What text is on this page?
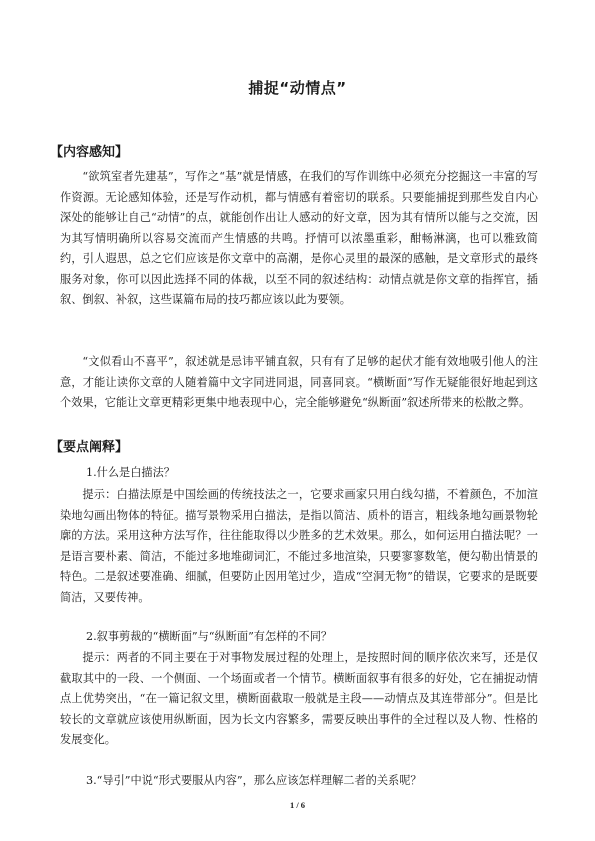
捕捉“动情点”
【内容感知】

“欲筑室者先建基”，写作之“基”就是情感，在我们的写作训练中必须充分挖掘这一丰富的写作资源。无论感知体验，还是写作动机，都与情感有着密切的联系。只要能捕捉到那些发自内心深处的能够让自己“动情”的点，就能创作出让人感动的好文章，因为其有情所以能与之交流，因为其写情明确所以容易交流而产生情感的共鸣。抒情可以浓墨重彩，酣畅淋漓，也可以雅致简约，引人遐思，总之它们应该是你文章中的高潮，是你心灵里的最深的感触，是文章形式的最终服务对象，你可以因此选择不同的体裁，以至不同的叙述结构：动情点就是你文章的指挥官，插叙、倒叙、补叙，这些谋篇布局的技巧都应该以此为要领。

“文似看山不喜平”，叙述就是忌讳平铺直叙，只有有了足够的起伏才能有效地吸引他人的注意，才能让读你文章的人随着篇中文字同进同退，同喜同哀。“横断面”写作无疑能很好地起到这个效果，它能让文章更精彩更集中地表现中心，完全能够避免“纵断面”叙述所带来的松散之弊。

【要点阐释】

1.什么是白描法？

提示：白描法原是中国绘画的传统技法之一，它要求画家只用白线勾描，不着颜色，不加渲染地勾画出物体的特征。描写景物采用白描法，是指以简洁、质朴的语言，粗线条地勾画景物轮廓的方法。采用这种方法写作，往往能取得以少胜多的艺术效果。那么，如何运用白描法呢？一是语言要朴素、简洁，不能过多地堆砌词汇，不能过多地渲染，只要寥寥数笔，便勾勒出情景的特色。二是叙述要准确、细腻，但要防止因用笔过少，造成“空洞无物”的错误，它要求的是既要简洁，又要传神。

2.叙事剪裁的“横断面”与“纵断面”有怎样的不同？

提示：两者的不同主要在于对事物发展过程的处理上，是按照时间的顺序依次来写，还是仅截取其中的一段、一个侧面、一个场面或者一个情节。横断面叙事有很多的好处，它在捕捉动情点上优势突出，“在一篇记叙文里，横断面截取一般就是主段——动情点及其连带部分”。但是比较长的文章就应该使用纵断面，因为长文内容繁多，需要反映出事件的全过程以及人物、性格的发展变化。

3.“导引”中说“形式要服从内容”，那么应该怎样理解二者的关系呢？

1 / 6
